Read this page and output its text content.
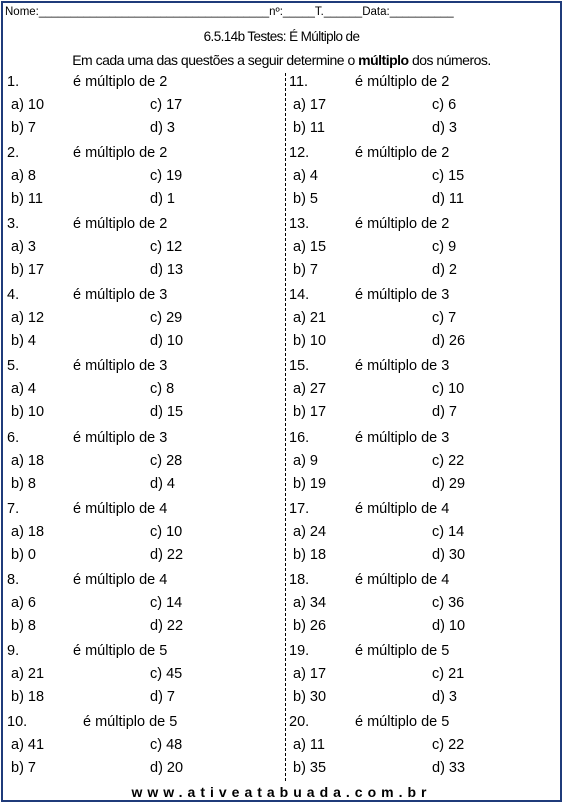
Nome:____________________________________nº:_____T.______Data:__________
6.5.14b Testes: É Múltiplo de
Em cada uma das questões a seguir determine o múltiplo dos números.
1.	é múltiplo de 2
a) 10
b) 7
c) 17
d) 3
2.	é múltiplo de 2
a) 8
b) 11
c) 19
d) 1
3.	é múltiplo de 2
a) 3
b) 17
c) 12
d) 13
4.	é múltiplo de 3
a) 12
b) 4
c) 29
d) 10
5.	é múltiplo de 3
a) 4
b) 10
c) 8
d) 15
6.	é múltiplo de 3
a) 18
b) 8
c) 28
d) 4
7.	é múltiplo de 4
a) 18
b) 0
c) 10
d) 22
8.	é múltiplo de 4
a) 6
b) 8
c) 14
d) 22
9.	é múltiplo de 5
a) 21
b) 18
c) 45
d) 7
10.	é múltiplo de 5
a) 41
b) 7
c) 48
d) 20
11.	é múltiplo de 2
a) 17
b) 11
c) 6
d) 3
12.	é múltiplo de 2
a) 4
b) 5
c) 15
d) 11
13.	é múltiplo de 2
a) 15
b) 7
c) 9
d) 2
14.	é múltiplo de 3
a) 21
b) 10
c) 7
d) 26
15.	é múltiplo de 3
a) 27
b) 17
c) 10
d) 7
16.	é múltiplo de 3
a) 9
b) 19
c) 22
d) 29
17.	é múltiplo de 4
a) 24
b) 18
c) 14
d) 30
18.	é múltiplo de 4
a) 34
b) 26
c) 36
d) 10
19.	é múltiplo de 5
a) 17
b) 30
c) 21
d) 3
20.	é múltiplo de 5
a) 11
b) 35
c) 22
d) 33
www.ativeatabuada.com.br
